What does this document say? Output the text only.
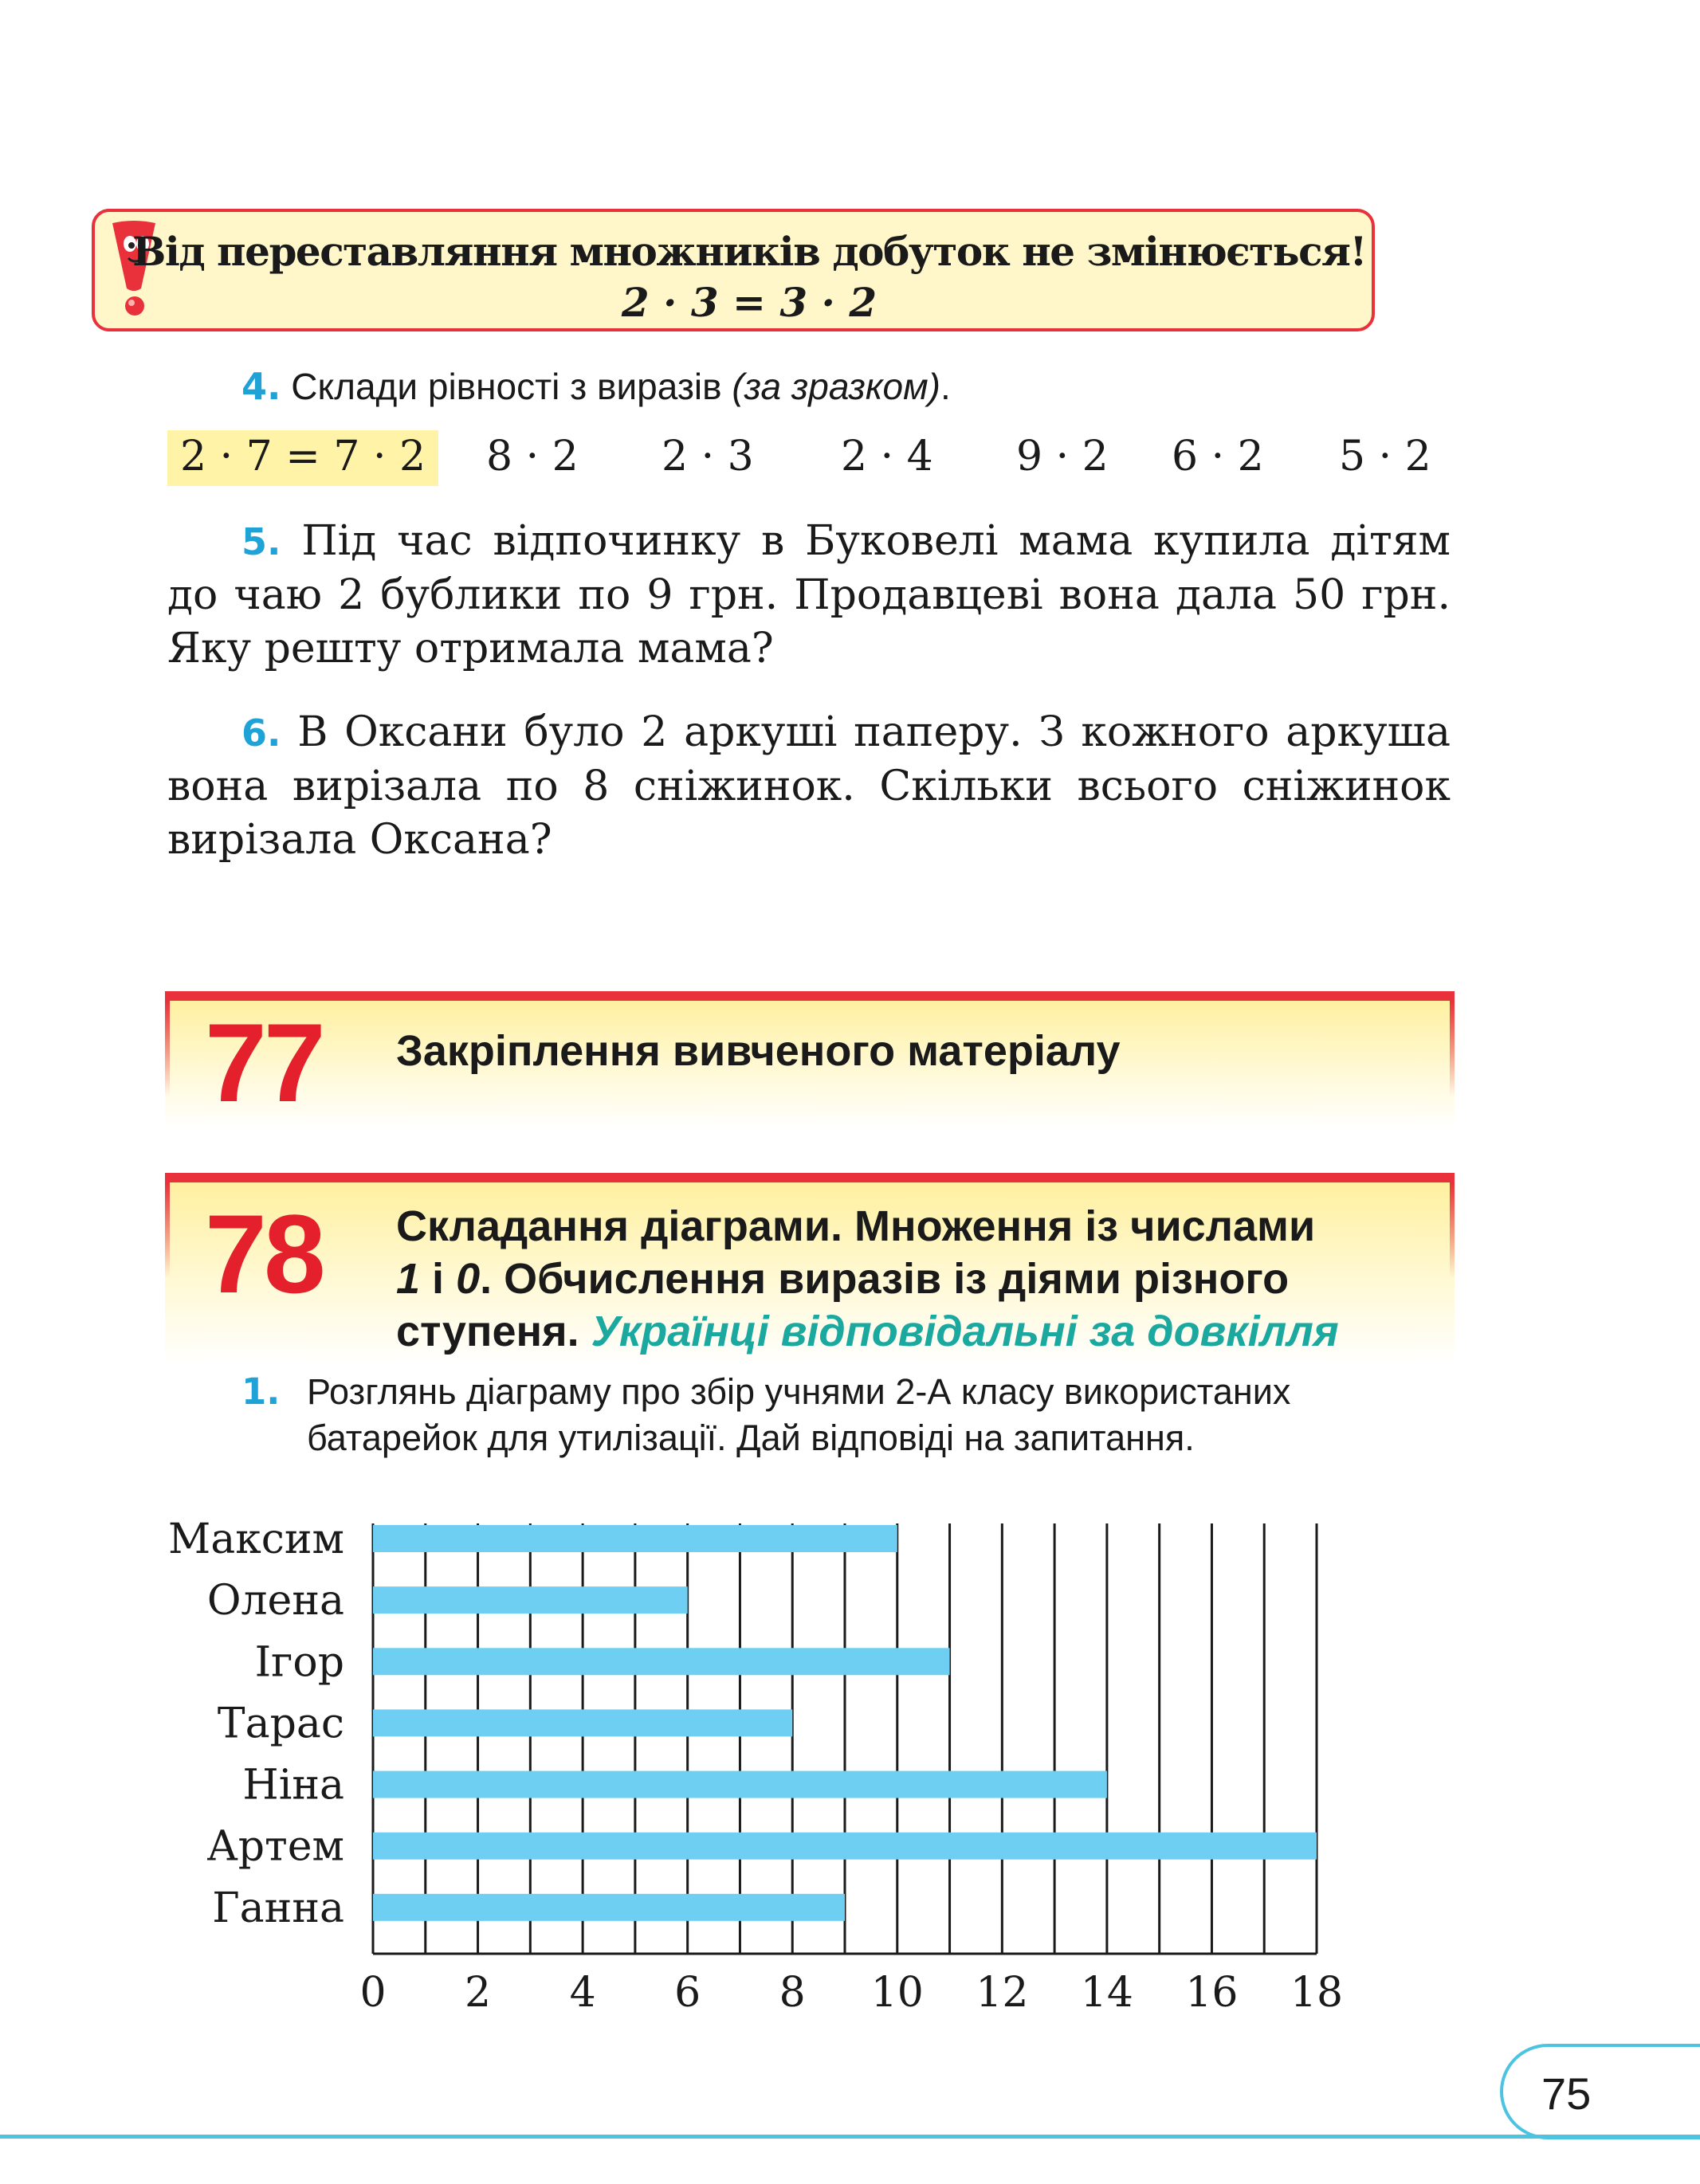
Від переставляння множників добуток не змінюється!
2 · 3 = 3 · 2
4. Склади рівності з виразів (за зразком).
2 · 7 = 7 · 2	8 · 2 2 · 3 2 · 4 9 · 2 6 · 2 5 · 2
5. Під час відпочинку в Буковелі мама купила дітям до чаю 2 бублики по 9 грн. Продавцеві вона дала 50 грн. Яку решту отримала мама?
6. В Оксани було 2 аркуші паперу. З кожного аркуша вона вирізала по 8 сніжинок. Скільки всього сніжинок вирізала Оксана?
77 Закріплення вивченого матеріалу
78 Складання діаграми. Множення із числами
1 і 0. Обчислення виразів із діями різного
ступеня. Українці відповідальні за довкілля
1. Розглянь діаграму про збір учнями 2-А класу використаних
батарейок для утилізації. Дай відповіді на запитання.
Максим
Олена
Ігор
Тарас
Ніна
Артем
Ганна
0 2 4 6 8 10 12 14 16 18
75
